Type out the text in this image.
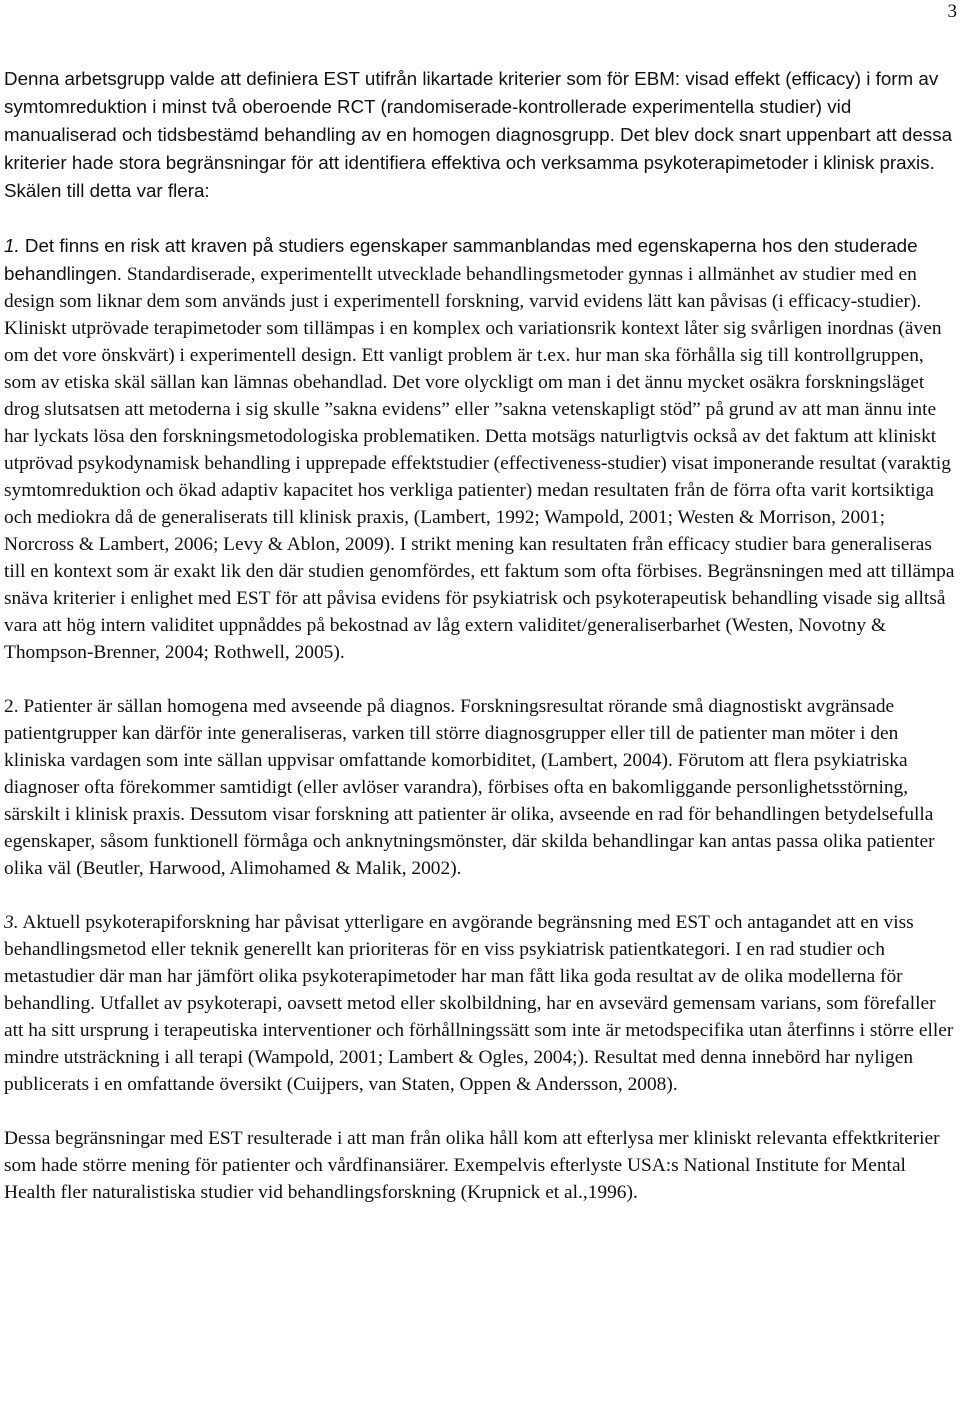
3

Denna arbetsgrupp valde att definiera EST utifrån likartade kriterier som för EBM: visad effekt (efficacy) i form av symtomreduktion i minst två oberoende RCT (randomiserade-kontrollerade experimentella studier) vid manualiserad och tidsbestämd behandling av en homogen diagnosgrupp. Det blev dock snart uppenbart att dessa kriterier hade stora begränsningar för att identifiera effektiva och verksamma psykoterapimetoder i klinisk praxis. Skälen till detta var flera:

1. Det finns en risk att kraven på studiers egenskaper sammanblandas med egenskaperna hos den studerade behandlingen. Standardiserade, experimentellt utvecklade behandlingsmetoder gynnas i allmänhet av studier med en design som liknar dem som används just i experimentell forskning, varvid evidens lätt kan påvisas (i efficacy-studier). Kliniskt utprövade terapimetoder som tillämpas i en komplex och variationsrik kontext låter sig svårligen inordnas (även om det vore önskvärt) i experimentell design. Ett vanligt problem är t.ex. hur man ska förhålla sig till kontrollgruppen, som av etiska skäl sällan kan lämnas obehandlad. Det vore olyckligt om man i det ännu mycket osäkra forskningsläget drog slutsatsen att metoderna i sig skulle ”sakna evidens” eller ”sakna vetenskapligt stöd” på grund av att man ännu inte har lyckats lösa den forskningsmetodologiska problematiken. Detta motsägs naturligtvis också av det faktum att kliniskt utprövad psykodynamisk behandling i upprepade effektstudier (effectiveness-studier) visat imponerande resultat (varaktig symtomreduktion och ökad adaptiv kapacitet hos verkliga patienter) medan resultaten från de förra ofta varit kortsiktiga och mediokra då de generaliserats till klinisk praxis, (Lambert, 1992; Wampold, 2001; Westen & Morrison, 2001; Norcross & Lambert, 2006; Levy & Ablon, 2009). I strikt mening kan resultaten från efficacy studier bara generaliseras till en kontext som är exakt lik den där studien genomfördes, ett faktum som ofta förbises. Begränsningen med att tillämpa snäva kriterier i enlighet med EST för att påvisa evidens för psykiatrisk och psykoterapeutisk behandling visade sig alltså vara att hög intern validitet uppnåddes på bekostnad av låg extern validitet/generaliserbarhet (Westen, Novotny & Thompson-Brenner, 2004; Rothwell, 2005).

2. Patienter är sällan homogena med avseende på diagnos. Forskningsresultat rörande små diagnostiskt avgränsade patientgrupper kan därför inte generaliseras, varken till större diagnosgrupper eller till de patienter man möter i den kliniska vardagen som inte sällan uppvisar omfattande komorbiditet, (Lambert, 2004). Förutom att flera psykiatriska diagnoser ofta förekommer samtidigt (eller avlöser varandra), förbises ofta en bakomliggande personlighetsstörning, särskilt i klinisk praxis. Dessutom visar forskning att patienter är olika, avseende en rad för behandlingen betydelsefulla egenskaper, såsom funktionell förmåga och anknytningsmönster, där skilda behandlingar kan antas passa olika patienter olika väl (Beutler, Harwood, Alimohamed & Malik, 2002).

3. Aktuell psykoterapiforskning har påvisat ytterligare en avgörande begränsning med EST och antagandet att en viss behandlingsmetod eller teknik generellt kan prioriteras för en viss psykiatrisk patientkategori. I en rad studier och metastudier där man har jämfört olika psykoterapimetoder har man fått lika goda resultat av de olika modellerna för behandling. Utfallet av psykoterapi, oavsett metod eller skolbildning, har en avsevärd gemensam varians, som förefaller att ha sitt ursprung i terapeutiska interventioner och förhållningssätt som inte är metodspecifika utan återfinns i större eller mindre utsträckning i all terapi (Wampold, 2001; Lambert & Ogles, 2004;). Resultat med denna innebörd har nyligen publicerats i en omfattande översikt (Cuijpers, van Staten, Oppen & Andersson, 2008).

Dessa begränsningar med EST resulterade i att man från olika håll kom att efterlysa mer kliniskt relevanta effektkriterier som hade större mening för patienter och vårdfinansiärer. Exempelvis efterlyste USA:s National Institute for Mental Health fler naturalistiska studier vid behandlingsforskning (Krupnick et al.,1996).
